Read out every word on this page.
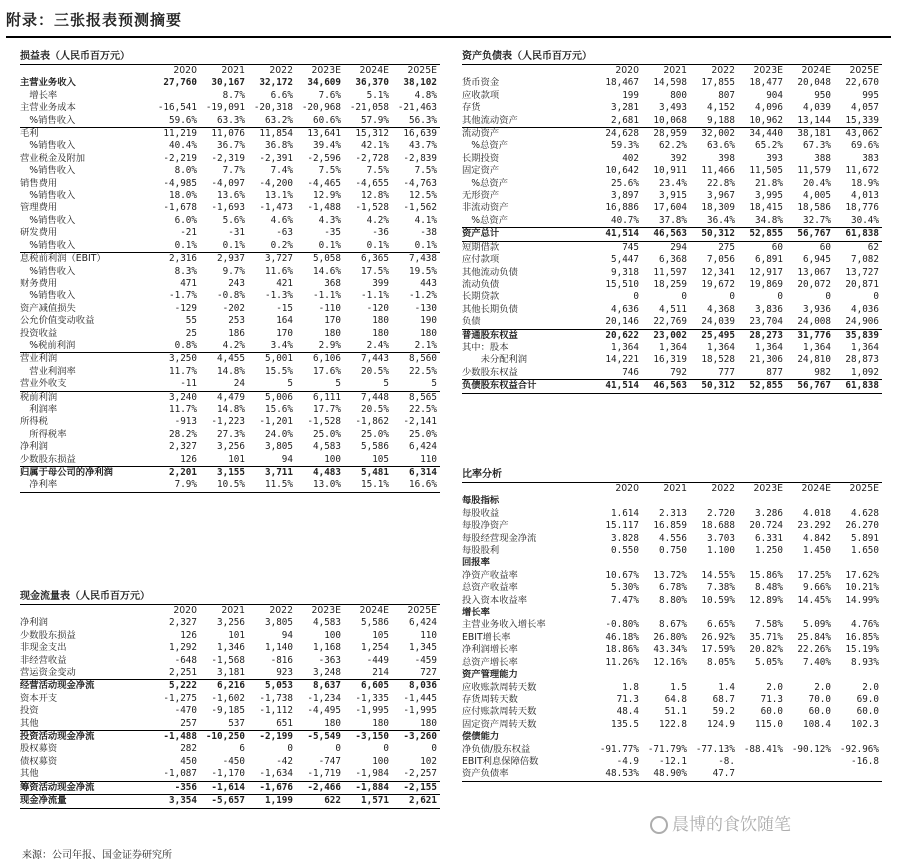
附录：三张报表预测摘要
损益表（人民币百万元）
	2020	2021	2022	2023E	2024E	2025E
主营业务收入	27,760	30,167	32,172	34,609	36,370	38,102
　增长率		8.7%	6.6%	7.6%	5.1%	4.8%
主营业务成本	-16,541	-19,091	-20,318	-20,968	-21,058	-21,463
　%销售收入	59.6%	63.3%	63.2%	60.6%	57.9%	56.3%
毛利	11,219	11,076	11,854	13,641	15,312	16,639
　%销售收入	40.4%	36.7%	36.8%	39.4%	42.1%	43.7%
营业税金及附加	-2,219	-2,319	-2,391	-2,596	-2,728	-2,839
　%销售收入	8.0%	7.7%	7.4%	7.5%	7.5%	7.5%
销售费用	-4,985	-4,097	-4,200	-4,465	-4,655	-4,763
　%销售收入	18.0%	13.6%	13.1%	12.9%	12.8%	12.5%
管理费用	-1,678	-1,693	-1,473	-1,488	-1,528	-1,562
　%销售收入	6.0%	5.6%	4.6%	4.3%	4.2%	4.1%
研发费用	-21	-31	-63	-35	-36	-38
　%销售收入	0.1%	0.1%	0.2%	0.1%	0.1%	0.1%
息税前利润（EBIT）	2,316	2,937	3,727	5,058	6,365	7,438
　%销售收入	8.3%	9.7%	11.6%	14.6%	17.5%	19.5%
财务费用	471	243	421	368	399	443
　%销售收入	-1.7%	-0.8%	-1.3%	-1.1%	-1.1%	-1.2%
资产减值损失	-129	-202	-15	-110	-120	-130
公允价值变动收益	55	253	164	170	180	190
投资收益	25	186	170	180	180	180
　%税前利润	0.8%	4.2%	3.4%	2.9%	2.4%	2.1%
营业利润	3,250	4,455	5,001	6,106	7,443	8,560
　营业利润率	11.7%	14.8%	15.5%	17.6%	20.5%	22.5%
营业外收支	-11	24	5	5	5	5
税前利润	3,240	4,479	5,006	6,111	7,448	8,565
　利润率	11.7%	14.8%	15.6%	17.7%	20.5%	22.5%
所得税	-913	-1,223	-1,201	-1,528	-1,862	-2,141
　所得税率	28.2%	27.3%	24.0%	25.0%	25.0%	25.0%
净利润	2,327	3,256	3,805	4,583	5,586	6,424
少数股东损益	126	101	94	100	105	110
归属于母公司的净利润	2,201	3,155	3,711	4,483	5,481	6,314
　净利率	7.9%	10.5%	11.5%	13.0%	15.1%	16.6%
资产负债表（人民币百万元）
	2020	2021	2022	2023E	2024E	2025E
货币资金	18,467	14,598	17,855	18,477	20,048	22,670
应收款项	199	800	807	904	950	995
存货	3,281	3,493	4,152	4,096	4,039	4,057
其他流动资产	2,681	10,068	9,188	10,962	13,144	15,339
流动资产	24,628	28,959	32,002	34,440	38,181	43,062
　%总资产	59.3%	62.2%	63.6%	65.2%	67.3%	69.6%
长期投资	402	392	398	393	388	383
固定资产	10,642	10,911	11,466	11,505	11,579	11,672
　%总资产	25.6%	23.4%	22.8%	21.8%	20.4%	18.9%
无形资产	3,897	3,915	3,967	3,995	4,005	4,013
非流动资产	16,886	17,604	18,309	18,415	18,586	18,776
　%总资产	40.7%	37.8%	36.4%	34.8%	32.7%	30.4%
资产总计	41,514	46,563	50,312	52,855	56,767	61,838
短期借款	745	294	275	60	60	62
应付款项	5,447	6,368	7,056	6,891	6,945	7,082
其他流动负债	9,318	11,597	12,341	12,917	13,067	13,727
流动负债	15,510	18,259	19,672	19,869	20,072	20,871
长期贷款	0	0	0	0	0	0
其他长期负债	4,636	4,511	4,368	3,836	3,936	4,036
负债	20,146	22,769	24,039	23,704	24,008	24,906
普通股东权益	20,622	23,002	25,495	28,273	31,776	35,839
其中：股本	1,364	1,364	1,364	1,364	1,364	1,364
　　未分配利润	14,221	16,319	18,528	21,306	24,810	28,873
少数股东权益	746	792	777	877	982	1,092
负债股东权益合计	41,514	46,563	50,312	52,855	56,767	61,838
现金流量表（人民币百万元）
	2020	2021	2022	2023E	2024E	2025E
净利润	2,327	3,256	3,805	4,583	5,586	6,424
少数股东损益	126	101	94	100	105	110
非现金支出	1,292	1,346	1,140	1,168	1,254	1,345
非经营收益	-648	-1,568	-816	-363	-449	-459
营运资金变动	2,251	3,181	923	3,248	214	727
经营活动现金净流	5,222	6,216	5,053	8,637	6,605	8,036
资本开支	-1,275	-1,602	-1,738	-1,234	-1,335	-1,445
投资	-470	-9,185	-1,112	-4,495	-1,995	-1,995
其他	257	537	651	180	180	180
投资活动现金净流	-1,488	-10,250	-2,199	-5,549	-3,150	-3,260
股权募资	282	6	0	0	0	0
债权募资	450	-450	-42	-747	100	102
其他	-1,087	-1,170	-1,634	-1,719	-1,984	-2,257
筹资活动现金净流	-356	-1,614	-1,676	-2,466	-1,884	-2,155
现金净流量	3,354	-5,657	1,199	622	1,571	2,621
比率分析
	2020	2021	2022	2023E	2024E	2025E
每股指标						
每股收益	1.614	2.313	2.720	3.286	4.018	4.628
每股净资产	15.117	16.859	18.688	20.724	23.292	26.270
每股经营现金净流	3.828	4.556	3.703	6.331	4.842	5.891
每股股利	0.550	0.750	1.100	1.250	1.450	1.650
回报率						
净资产收益率	10.67%	13.72%	14.55%	15.86%	17.25%	17.62%
总资产收益率	5.30%	6.78%	7.38%	8.48%	9.66%	10.21%
投入资本收益率	7.47%	8.80%	10.59%	12.89%	14.45%	14.99%
增长率						
主营业务收入增长率	-0.80%	8.67%	6.65%	7.58%	5.09%	4.76%
EBIT增长率	46.18%	26.80%	26.92%	35.71%	25.84%	16.85%
净利润增长率	18.86%	43.34%	17.59%	20.82%	22.26%	15.19%
总资产增长率	11.26%	12.16%	8.05%	5.05%	7.40%	8.93%
资产管理能力						
应收账款周转天数	1.8	1.5	1.4	2.0	2.0	2.0
存货周转天数	71.3	64.8	68.7	71.3	70.0	69.0
应付账款周转天数	48.4	51.1	59.2	60.0	60.0	60.0
固定资产周转天数	135.5	122.8	124.9	115.0	108.4	102.3
偿债能力						
净负债/股东权益	-91.77%	-71.79%	-77.13%	-88.41%	-90.12%	-92.96%
EBIT利息保障倍数	-4.9	-12.1	-8.			-16.8
资产负债率	48.53%	48.90%	47.7			
晨博的食饮随笔
来源：公司年报、国金证券研究所
